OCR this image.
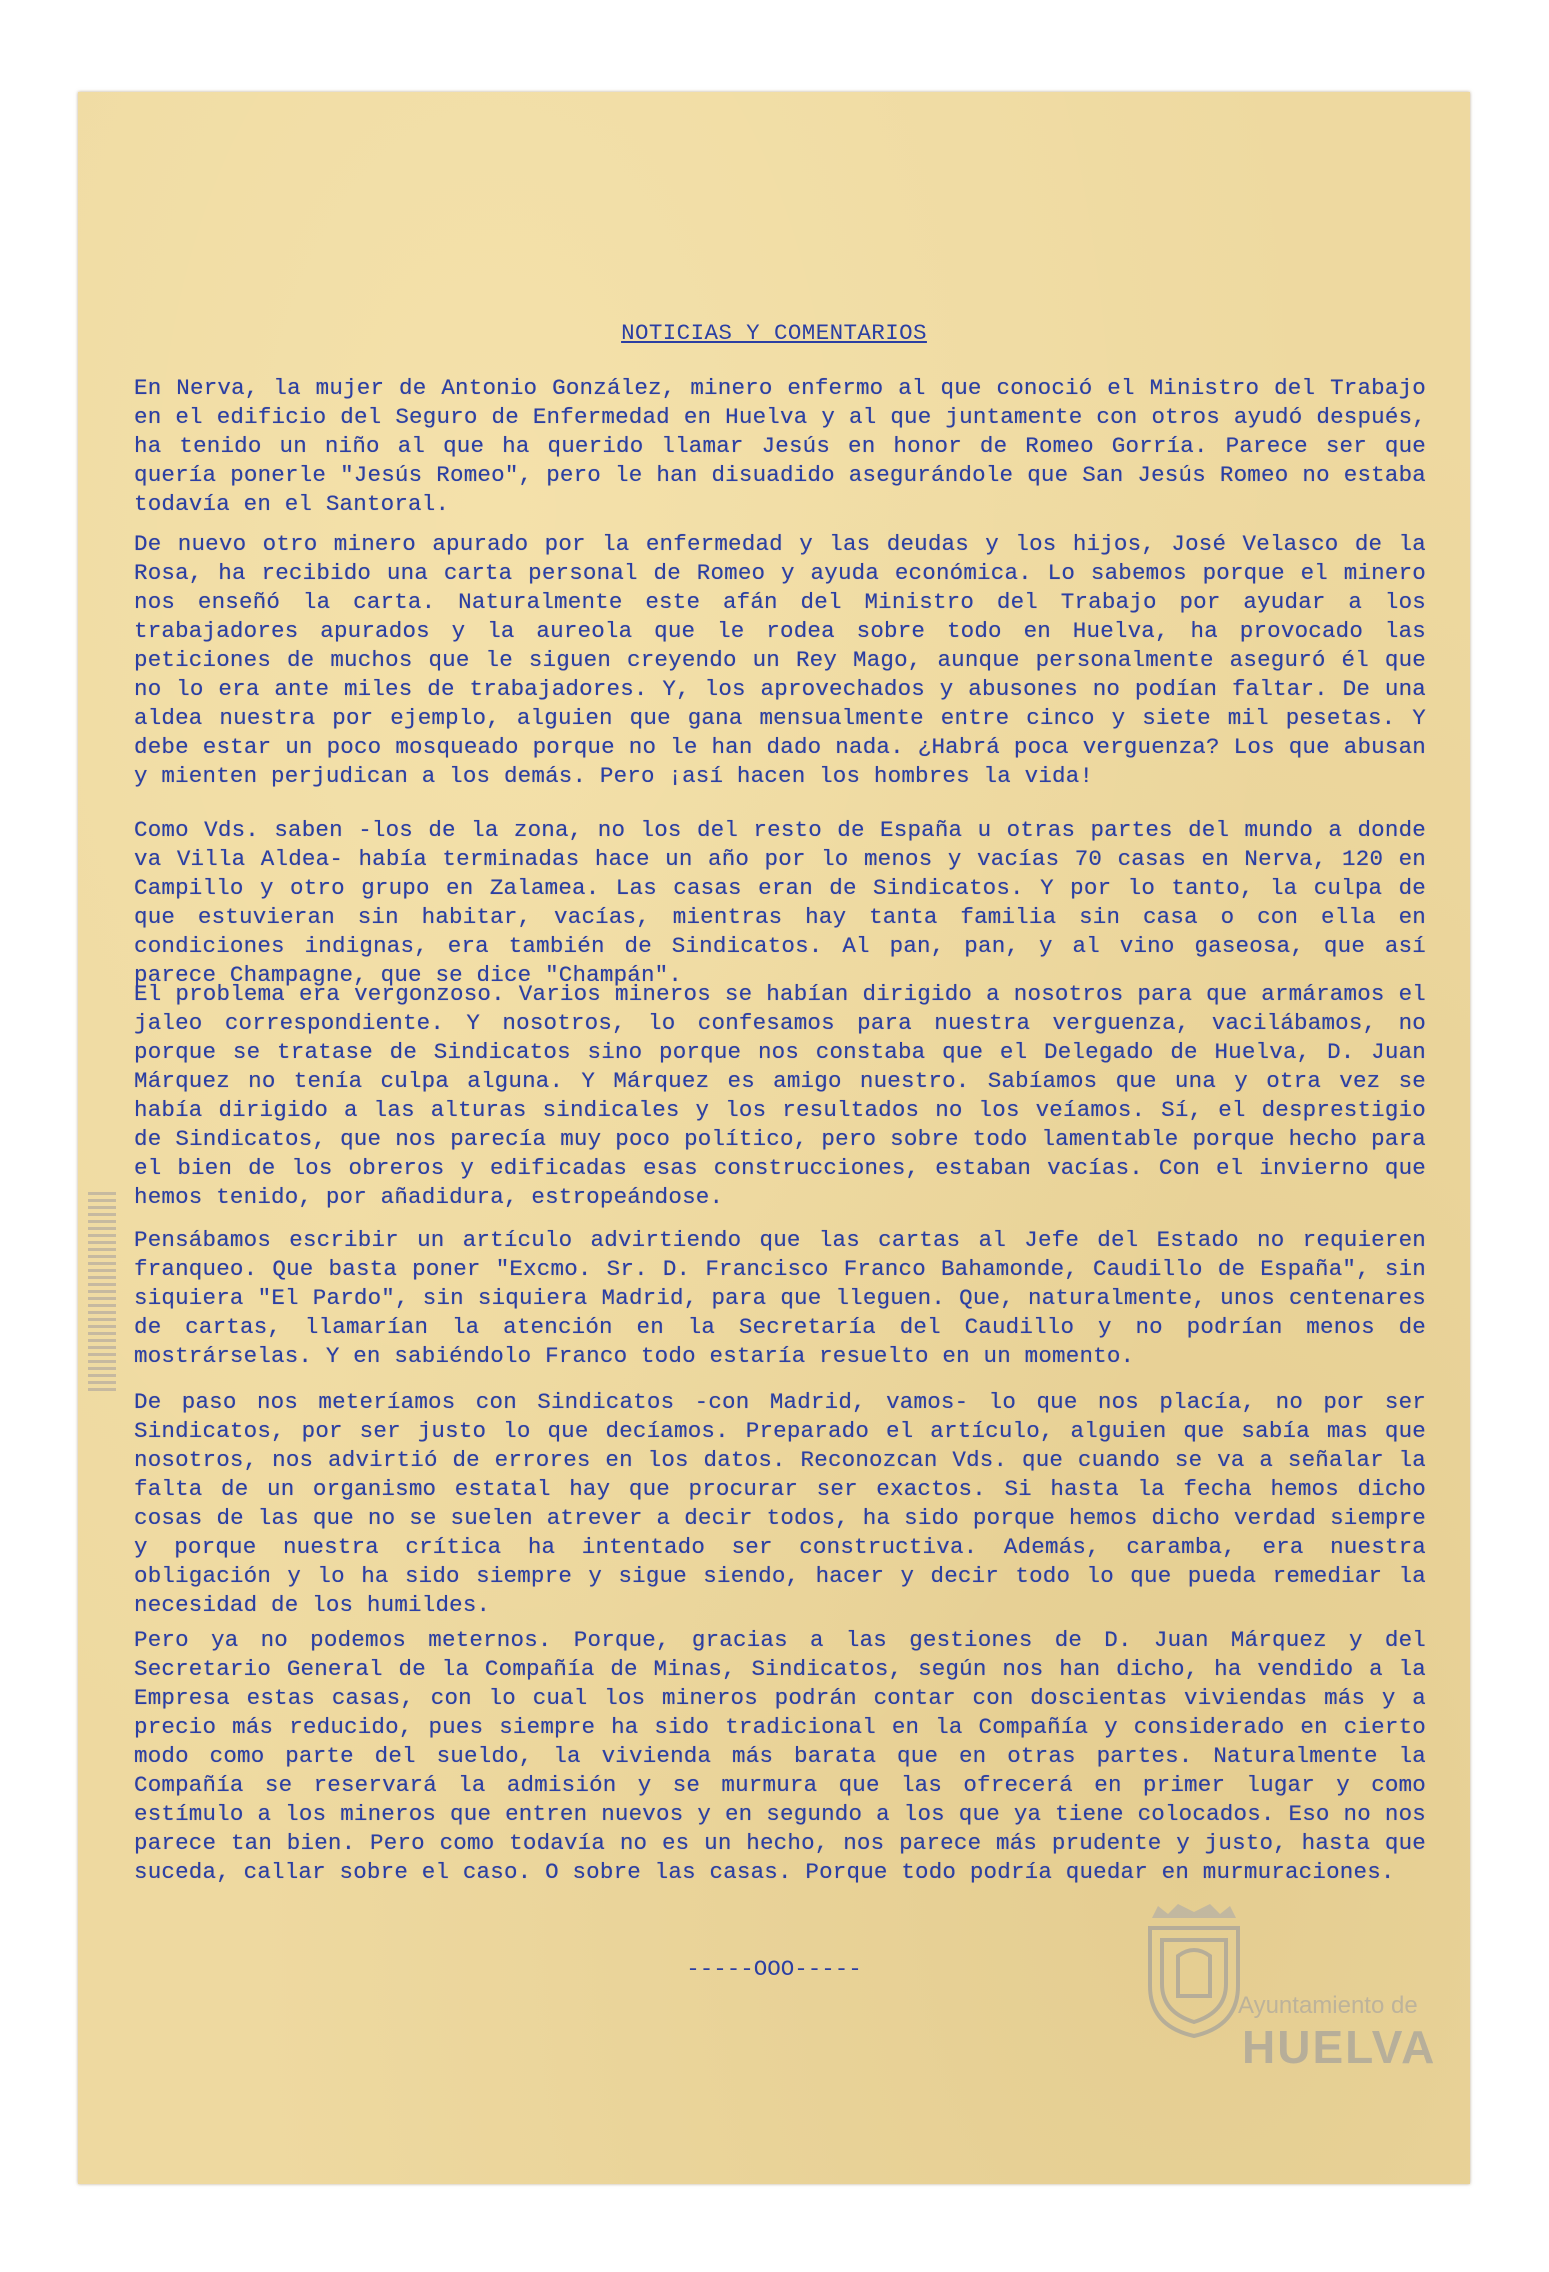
NOTICIAS Y COMENTARIOS

En Nerva, la mujer de Antonio González, minero enfermo al que conoció el Ministro del Trabajo en el edificio del Seguro de Enfermedad en Huelva y al que juntamente con otros ayudó después, ha tenido un niño al que ha querido llamar Jesús en honor de Romeo Gorría. Parece ser que quería ponerle "Jesús Romeo", pero le han disuadido asegurándole que San Jesús Romeo no estaba todavía en el Santoral.

De nuevo otro minero apurado por la enfermedad y las deudas y los hijos, José Velasco de la Rosa, ha recibido una carta personal de Romeo y ayuda económica. Lo sabemos porque el minero nos enseñó la carta. Naturalmente este afán del Ministro del Trabajo por ayudar a los trabajadores apurados y la aureola que le rodea sobre todo en Huelva, ha provocado las peticiones de muchos que le siguen creyendo un Rey Mago, aunque personalmente aseguró él que no lo era ante miles de trabajadores. Y, los aprovechados y abusones no podían faltar. De una aldea nuestra por ejemplo, alguien que gana mensualmente entre cinco y siete mil pesetas. Y debe estar un poco mosqueado porque no le han dado nada. ¿Habrá poca verguenza? Los que abusan y mienten perjudican a los demás. Pero ¡así hacen los hombres la vida!

Como Vds. saben -los de la zona, no los del resto de España u otras partes del mundo a donde va Villa Aldea- había terminadas hace un año por lo menos y vacías 70 casas en Nerva, 120 en Campillo y otro grupo en Zalamea. Las casas eran de Sindicatos. Y por lo tanto, la culpa de que estuvieran sin habitar, vacías, mientras hay tanta familia sin casa o con ella en condiciones indignas, era también de Sindicatos. Al pan, pan, y al vino gaseosa, que así parece Champagne, que se dice "Champán".

El problema era vergonzoso. Varios mineros se habían dirigido a nosotros para que armáramos el jaleo correspondiente. Y nosotros, lo confesamos para nuestra verguenza, vacilábamos, no porque se tratase de Sindicatos sino porque nos constaba que el Delegado de Huelva, D. Juan Márquez no tenía culpa alguna. Y Márquez es amigo nuestro. Sabíamos que una y otra vez se había dirigido a las alturas sindicales y los resultados no los veíamos. Sí, el desprestigio de Sindicatos, que nos parecía muy poco político, pero sobre todo lamentable porque hecho para el bien de los obreros y edificadas esas construcciones, estaban vacías. Con el invierno que hemos tenido, por añadidura, estropeándose.

Pensábamos escribir un artículo advirtiendo que las cartas al Jefe del Estado no requieren franqueo. Que basta poner "Excmo. Sr. D. Francisco Franco Bahamonde, Caudillo de España", sin siquiera "El Pardo", sin siquiera Madrid, para que lleguen. Que, naturalmente, unos centenares de cartas, llamarían la atención en la Secretaría del Caudillo y no podrían menos de mostrárselas. Y en sabiéndolo Franco todo estaría resuelto en un momento.

De paso nos meteríamos con Sindicatos -con Madrid, vamos- lo que nos placía, no por ser Sindicatos, por ser justo lo que decíamos. Preparado el artículo, alguien que sabía mas que nosotros, nos advirtió de errores en los datos. Reconozcan Vds. que cuando se va a señalar la falta de un organismo estatal hay que procurar ser exactos. Si hasta la fecha hemos dicho cosas de las que no se suelen atrever a decir todos, ha sido porque hemos dicho verdad siempre y porque nuestra crítica ha intentado ser constructiva. Además, caramba, era nuestra obligación y lo ha sido siempre y sigue siendo, hacer y decir todo lo que pueda remediar la necesidad de los humildes.

Pero ya no podemos meternos. Porque, gracias a las gestiones de D. Juan Márquez y del Secretario General de la Compañía de Minas, Sindicatos, según nos han dicho, ha vendido a la Empresa estas casas, con lo cual los mineros podrán contar con doscientas viviendas más y a precio más reducido, pues siempre ha sido tradicional en la Compañía y considerado en cierto modo como parte del sueldo, la vivienda más barata que en otras partes. Naturalmente la Compañía se reservará la admisión y se murmura que las ofrecerá en primer lugar y como estímulo a los mineros que entren nuevos y en segundo a los que ya tiene colocados. Eso no nos parece tan bien. Pero como todavía no es un hecho, nos parece más prudente y justo, hasta que suceda, callar sobre el caso. O sobre las casas. Porque todo podría quedar en murmuraciones.

-----OOO-----

Ayuntamiento de
HUELVA
